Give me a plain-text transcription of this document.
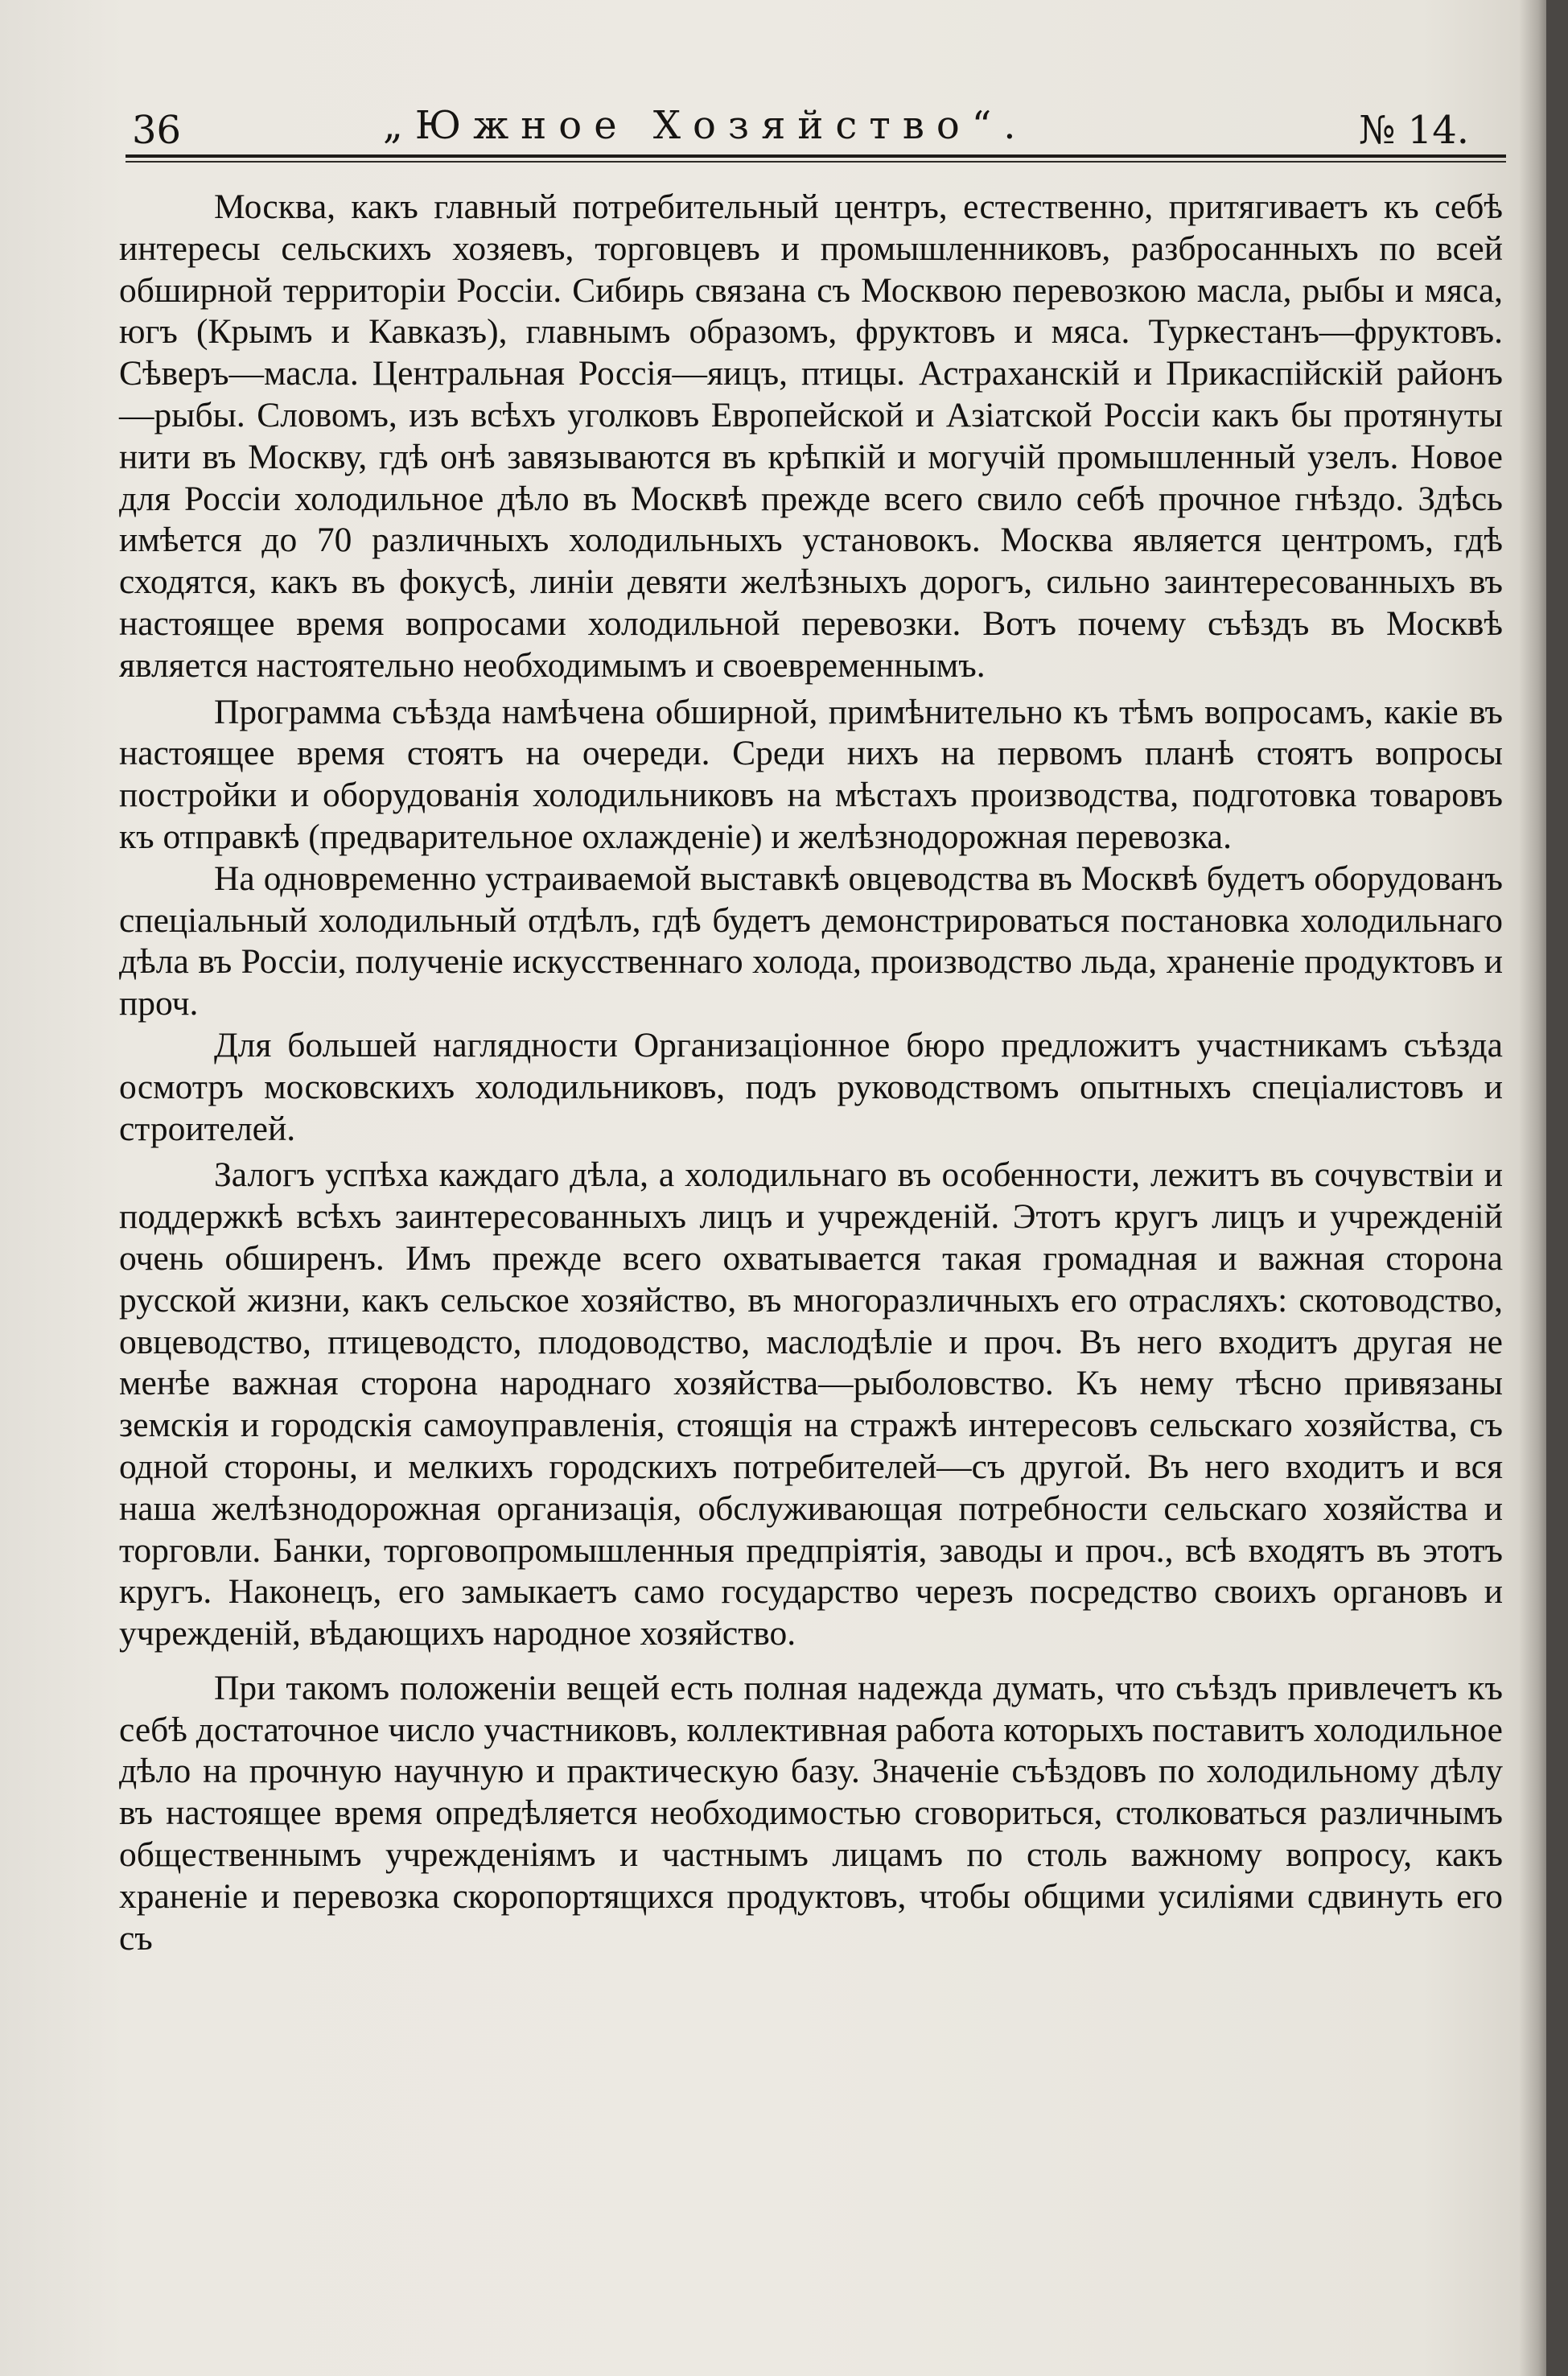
36	„Южное Хозяйство“.	№ 14.

Москва, какъ главный потребительный центръ, естественно, притягиваетъ къ себѣ интересы сельскихъ хозяевъ, торговцевъ и промышленниковъ, разбросанныхъ по всей обширной территоріи Россіи. Сибирь связана съ Москвою перевозкою масла, рыбы и мяса, югъ (Крымъ и Кавказъ), главнымъ образомъ, фруктовъ и мяса. Туркестанъ—фруктовъ. Сѣверъ—масла. Центральная Россія—яицъ, птицы. Астраханскій и Прикаспійскій районъ—рыбы. Словомъ, изъ всѣхъ уголковъ Европейской и Азіатской Россіи какъ бы протянуты нити въ Москву, гдѣ онѣ завязываются въ крѣпкій и могучій промышленный узелъ. Новое для Россіи холодильное дѣло въ Москвѣ прежде всего свило себѣ прочное гнѣздо. Здѣсь имѣется до 70 различныхъ холодильныхъ установокъ. Москва является центромъ, гдѣ сходятся, какъ въ фокусѣ, линіи девяти желѣзныхъ дорогъ, сильно заинтересованныхъ въ настоящее время вопросами холодильной перевозки. Вотъ почему съѣздъ въ Москвѣ является настоятельно необходимымъ и своевременнымъ.

Программа съѣзда намѣчена обширной, примѣнительно къ тѣмъ вопросамъ, какіе въ настоящее время стоятъ на очереди. Среди нихъ на первомъ планѣ стоятъ вопросы постройки и оборудованія холодильниковъ на мѣстахъ производства, подготовка товаровъ къ отправкѣ (предварительное охлажденіе) и желѣзнодорожная перевозка.

На одновременно устраиваемой выставкѣ овцеводства въ Москвѣ будетъ оборудованъ спеціальный холодильный отдѣлъ, гдѣ будетъ демонстрироваться постановка холодильнаго дѣла въ Россіи, полученіе искусственнаго холода, производство льда, храненіе продуктовъ и проч.

Для большей наглядности Организаціонное бюро предложитъ участникамъ съѣзда осмотръ московскихъ холодильниковъ, подъ руководствомъ опытныхъ спеціалистовъ и строителей.

Залогъ успѣха каждаго дѣла, а холодильнаго въ особенности, лежитъ въ сочувствіи и поддержкѣ всѣхъ заинтересованныхъ лицъ и учрежденій. Этотъ кругъ лицъ и учрежденій очень обширенъ. Имъ прежде всего охватывается такая громадная и важная сторона русской жизни, какъ сельское хозяйство, въ многоразличныхъ его отрасляхъ: скотоводство, овцеводство, птицеводсто, плодоводство, маслодѣліе и проч. Въ него входитъ другая не менѣе важная сторона народнаго хозяйства—рыболовство. Къ нему тѣсно привязаны земскія и городскія самоуправленія, стоящія на стражѣ интересовъ сельскаго хозяйства, съ одной стороны, и мелкихъ городскихъ потребителей—съ другой. Въ него входитъ и вся наша желѣзнодорожная организація, обслуживающая потребности сельскаго хозяйства и торговли. Банки, торговопромышленныя предпріятія, заводы и проч., всѣ входятъ въ этотъ кругъ. Наконецъ, его замыкаетъ само государство черезъ посредство своихъ органовъ и учрежденій, вѣдающихъ народное хозяйство.

При такомъ положеніи вещей есть полная надежда думать, что съѣздъ привлечетъ къ себѣ достаточное число участниковъ, коллективная работа которыхъ поставитъ холодильное дѣло на прочную научную и практическую базу. Значеніе съѣздовъ по холодильному дѣлу въ настоящее время опредѣляется необходимостью сговориться, столковаться различнымъ общественнымъ учрежденіямъ и частнымъ лицамъ по столь важному вопросу, какъ храненіе и перевозка скоропортящихся продуктовъ, чтобы общими усиліями сдвинуть его съ
